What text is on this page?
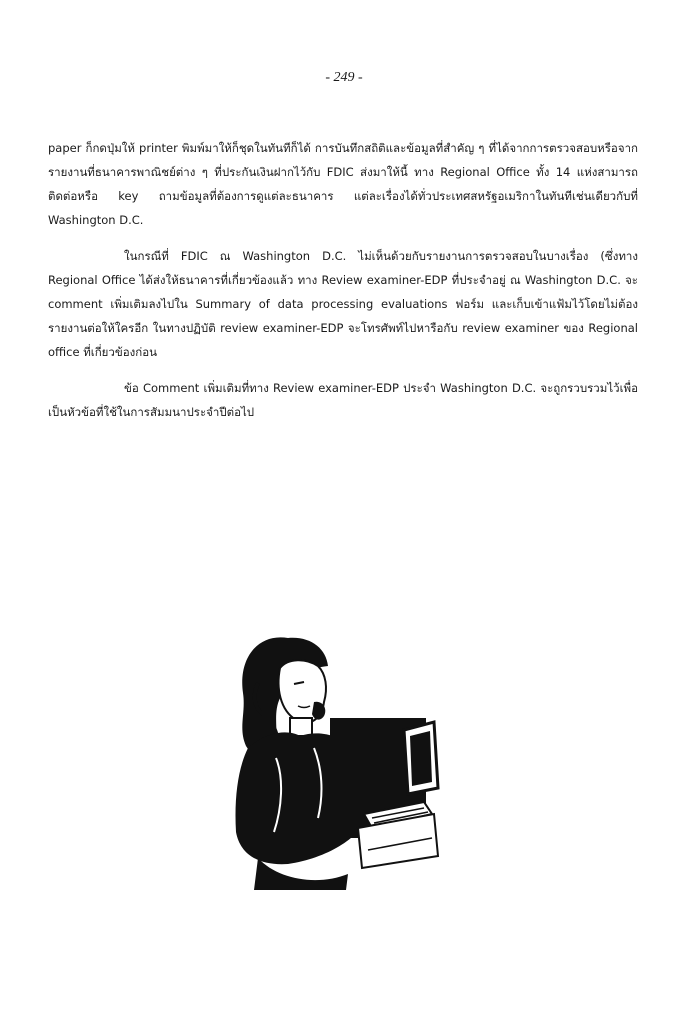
- 249 -

paper ก็กดปุ่มให้ printer พิมพ์มาให้ก็ชุดในทันทีก็ได้ การบันทึกสถิติและข้อมูลที่สำคัญ ๆ ที่ได้จากการตรวจสอบหรือจากรายงานที่ธนาคารพาณิชย์ต่าง ๆ ที่ประกันเงินฝากไว้กับ FDIC ส่งมาให้นี้ ทาง Regional Office ทั้ง 14 แห่งสามารถติดต่อหรือ key ถามข้อมูลที่ต้องการดูแต่ละธนาคาร แต่ละเรื่องได้ทั่วประเทศสหรัฐอเมริกาในทันทีเช่นเดียวกับที่ Washington D.C.

ในกรณีที่ FDIC ณ Washington D.C. ไม่เห็นด้วยกับรายงานการตรวจสอบในบางเรื่อง (ซึ่งทาง Regional Office ได้ส่งให้ธนาคารที่เกี่ยวข้องแล้ว ทาง Review examiner-EDP ที่ประจำอยู่ ณ Washington D.C. จะ comment เพิ่มเติมลงไปใน Summary of data processing evaluations ฟอร์ม และเก็บเข้าแฟ้มไว้โดยไม่ต้องรายงานต่อให้ใครอีก ในทางปฏิบัติ review examiner-EDP จะโทรศัพท์ไปหารือกับ review examiner ของ Regional office ที่เกี่ยวข้องก่อน

ข้อ Comment เพิ่มเติมที่ทาง Review examiner-EDP ประจำ Washington D.C. จะถูกรวบรวมไว้เพื่อเป็นหัวข้อที่ใช้ในการสัมมนาประจำปีต่อไป
